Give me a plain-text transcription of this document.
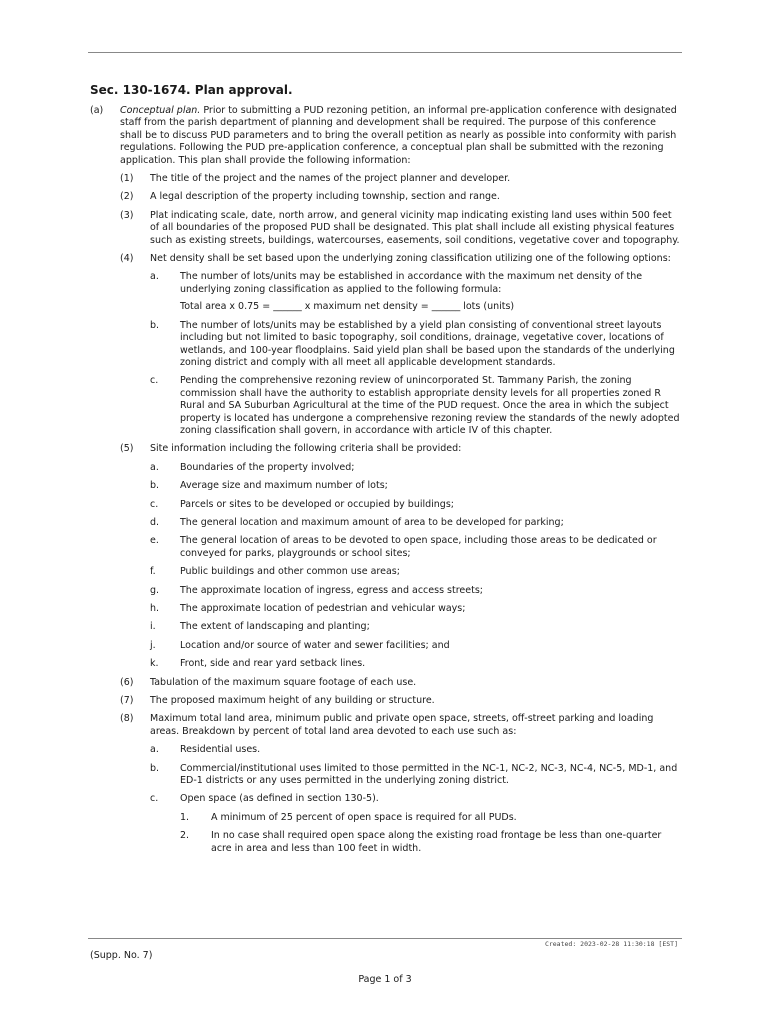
Sec. 130-1674. Plan approval.
(a)	Conceptual plan. Prior to submitting a PUD rezoning petition, an informal pre-application conference with designated staff from the parish department of planning and development shall be required. The purpose of this conference shall be to discuss PUD parameters and to bring the overall petition as nearly as possible into conformity with parish regulations. Following the PUD pre-application conference, a conceptual plan shall be submitted with the rezoning application. This plan shall provide the following information:
(1)	The title of the project and the names of the project planner and developer.
(2)	A legal description of the property including township, section and range.
(3)	Plat indicating scale, date, north arrow, and general vicinity map indicating existing land uses within 500 feet of all boundaries of the proposed PUD shall be designated. This plat shall include all existing physical features such as existing streets, buildings, watercourses, easements, soil conditions, vegetative cover and topography.
(4)	Net density shall be set based upon the underlying zoning classification utilizing one of the following options:
a.	The number of lots/units may be established in accordance with the maximum net density of the underlying zoning classification as applied to the following formula:
Total area x 0.75 = ______ x maximum net density = ______ lots (units)
b.	The number of lots/units may be established by a yield plan consisting of conventional street layouts including but not limited to basic topography, soil conditions, drainage, vegetative cover, locations of wetlands, and 100-year floodplains. Said yield plan shall be based upon the standards of the underlying zoning district and comply with all meet all applicable development standards.
c.	Pending the comprehensive rezoning review of unincorporated St. Tammany Parish, the zoning commission shall have the authority to establish appropriate density levels for all properties zoned R Rural and SA Suburban Agricultural at the time of the PUD request. Once the area in which the subject property is located has undergone a comprehensive rezoning review the standards of the newly adopted zoning classification shall govern, in accordance with article IV of this chapter.
(5)	Site information including the following criteria shall be provided:
a.	Boundaries of the property involved;
b.	Average size and maximum number of lots;
c.	Parcels or sites to be developed or occupied by buildings;
d.	The general location and maximum amount of area to be developed for parking;
e.	The general location of areas to be devoted to open space, including those areas to be dedicated or conveyed for parks, playgrounds or school sites;
f.	Public buildings and other common use areas;
g.	The approximate location of ingress, egress and access streets;
h.	The approximate location of pedestrian and vehicular ways;
i.	The extent of landscaping and planting;
j.	Location and/or source of water and sewer facilities; and
k.	Front, side and rear yard setback lines.
(6)	Tabulation of the maximum square footage of each use.
(7)	The proposed maximum height of any building or structure.
(8)	Maximum total land area, minimum public and private open space, streets, off-street parking and loading areas. Breakdown by percent of total land area devoted to each use such as:
a.	Residential uses.
b.	Commercial/institutional uses limited to those permitted in the NC-1, NC-2, NC-3, NC-4, NC-5, MD-1, and ED-1 districts or any uses permitted in the underlying zoning district.
c.	Open space (as defined in section 130-5).
1.	A minimum of 25 percent of open space is required for all PUDs.
2.	In no case shall required open space along the existing road frontage be less than one-quarter acre in area and less than 100 feet in width.
Created: 2023-02-28 11:30:18 [EST]
(Supp. No. 7)
Page 1 of 3
